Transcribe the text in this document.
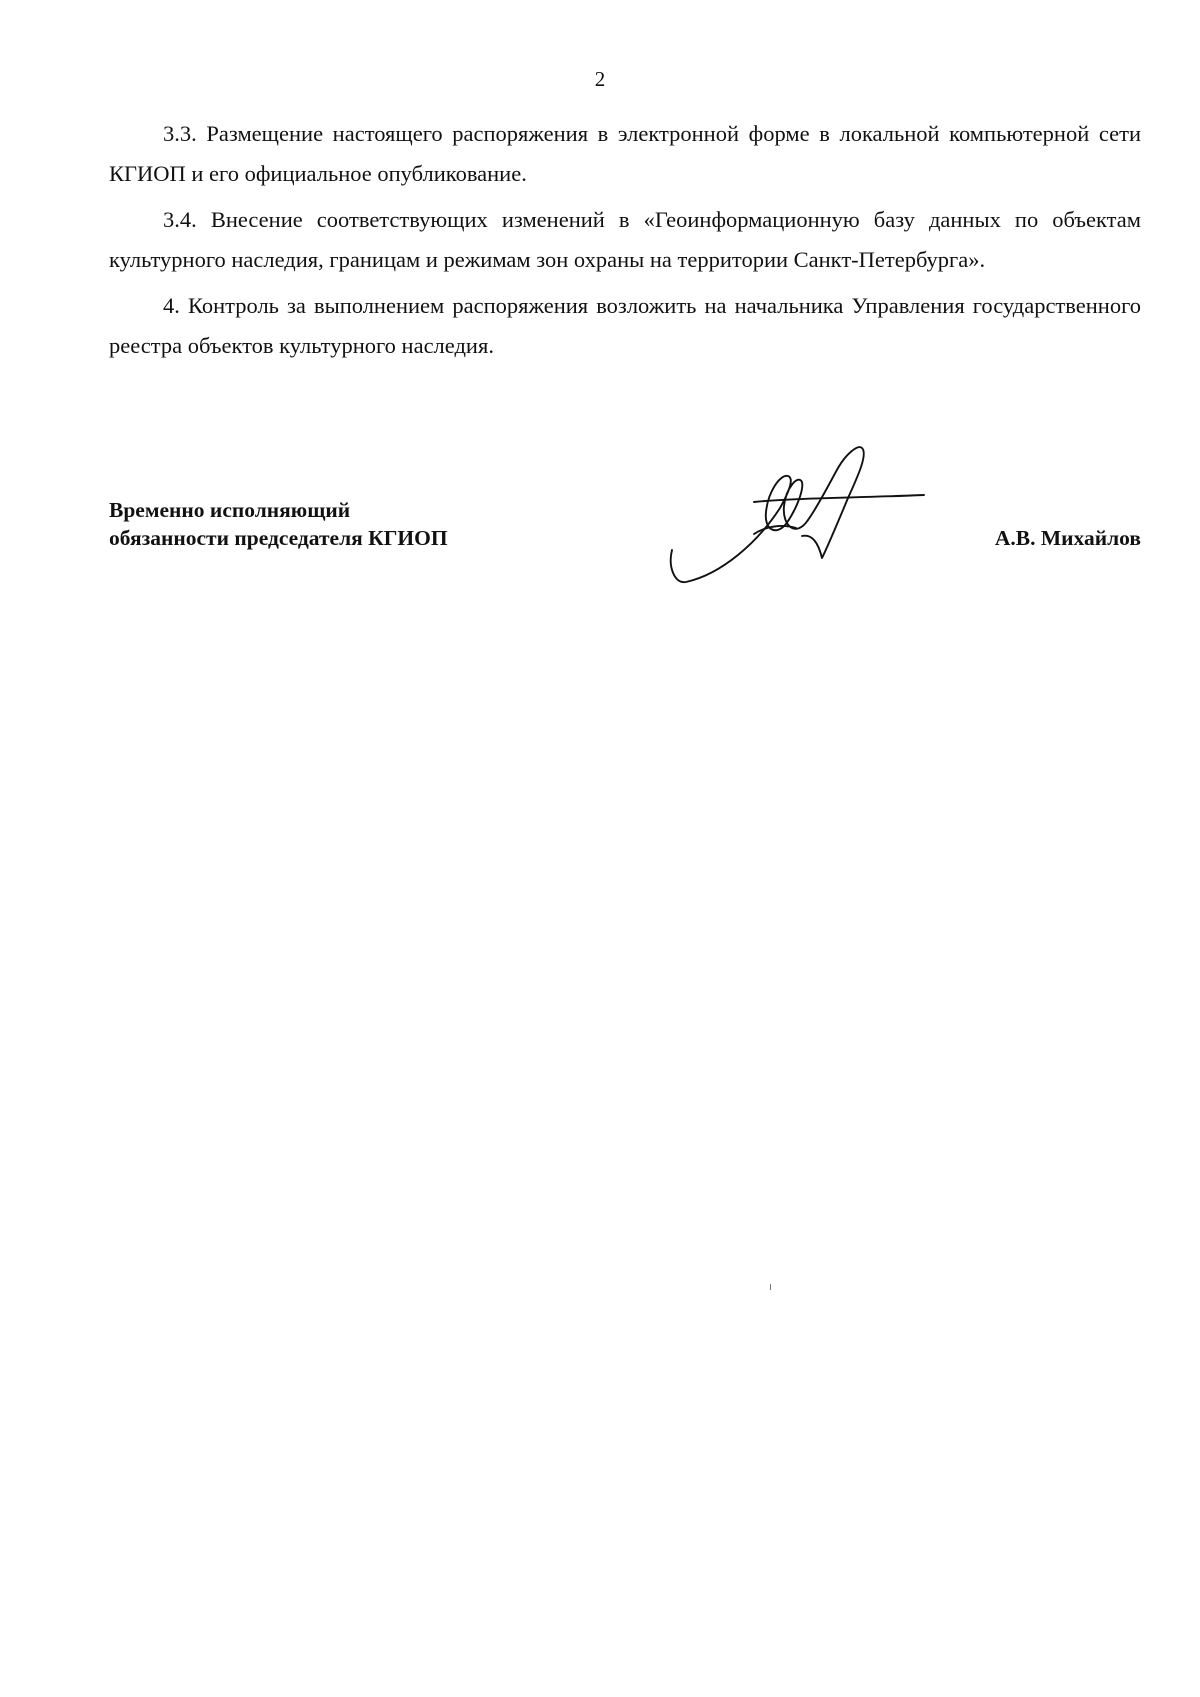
2

3.3. Размещение настоящего распоряжения в электронной форме в локальной компьютерной сети КГИОП и его официальное опубликование.

3.4. Внесение соответствующих изменений в «Геоинформационную базу данных по объектам культурного наследия, границам и режимам зон охраны на территории Санкт-Петербурга».

4. Контроль за выполнением распоряжения возложить на начальника Управления государственного реестра объектов культурного наследия.

Временно исполняющий
обязанности председателя КГИОП	А.В. Михайлов
